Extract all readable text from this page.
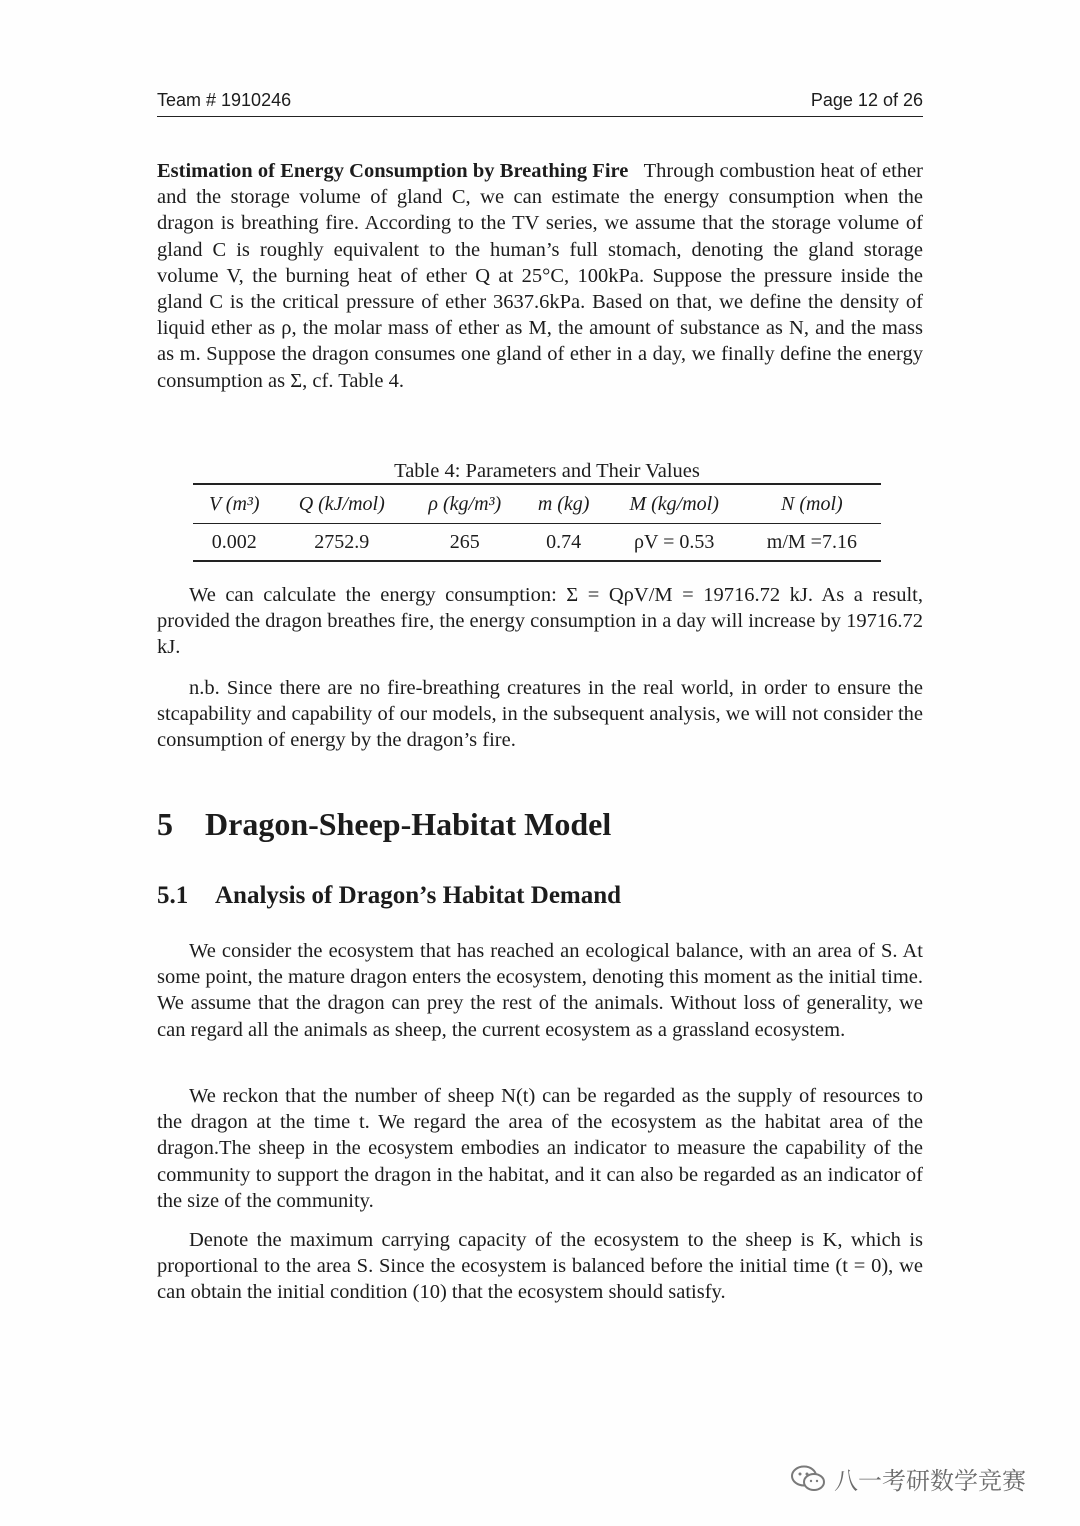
Team # 1910246	Page 12 of 26

Estimation of Energy Consumption by Breathing Fire Through combustion heat of ether and the storage volume of gland C, we can estimate the energy consumption when the dragon is breathing fire. According to the TV series, we assume that the storage volume of gland C is roughly equivalent to the human’s full stomach, denoting the gland storage volume V, the burning heat of ether Q at 25°C, 100kPa. Suppose the pressure inside the gland C is the critical pressure of ether 3637.6kPa. Based on that, we define the density of liquid ether as ρ, the molar mass of ether as M, the amount of substance as N, and the mass as m. Suppose the dragon consumes one gland of ether in a day, we finally define the energy consumption as Σ, cf. Table 4.

Table 4: Parameters and Their Values
V (m³)	Q (kJ/mol)	ρ (kg/m³)	m (kg)	M (kg/mol)	N (mol)
0.002	2752.9	265	0.74	ρV = 0.53	m/M =7.16

We can calculate the energy consumption: Σ = QρV/M = 19716.72 kJ. As a result, provided the dragon breathes fire, the energy consumption in a day will increase by 19716.72 kJ.

n.b. Since there are no fire-breathing creatures in the real world, in order to ensure the stcapability and capability of our models, in the subsequent analysis, we will not consider the consumption of energy by the dragon’s fire.

5 Dragon-Sheep-Habitat Model
5.1 Analysis of Dragon’s Habitat Demand

We consider the ecosystem that has reached an ecological balance, with an area of S. At some point, the mature dragon enters the ecosystem, denoting this moment as the initial time. We assume that the dragon can prey the rest of the animals. Without loss of generality, we can regard all the animals as sheep, the current ecosystem as a grassland ecosystem.

We reckon that the number of sheep N(t) can be regarded as the supply of resources to the dragon at the time t. We regard the area of the ecosystem as the habitat area of the dragon.The sheep in the ecosystem embodies an indicator to measure the capability of the community to support the dragon in the habitat, and it can also be regarded as an indicator of the size of the community.

Denote the maximum carrying capacity of the ecosystem to the sheep is K, which is proportional to the area S. Since the ecosystem is balanced before the initial time (t = 0), we can obtain the initial condition (10) that the ecosystem should satisfy.

八一考研数学竞赛
